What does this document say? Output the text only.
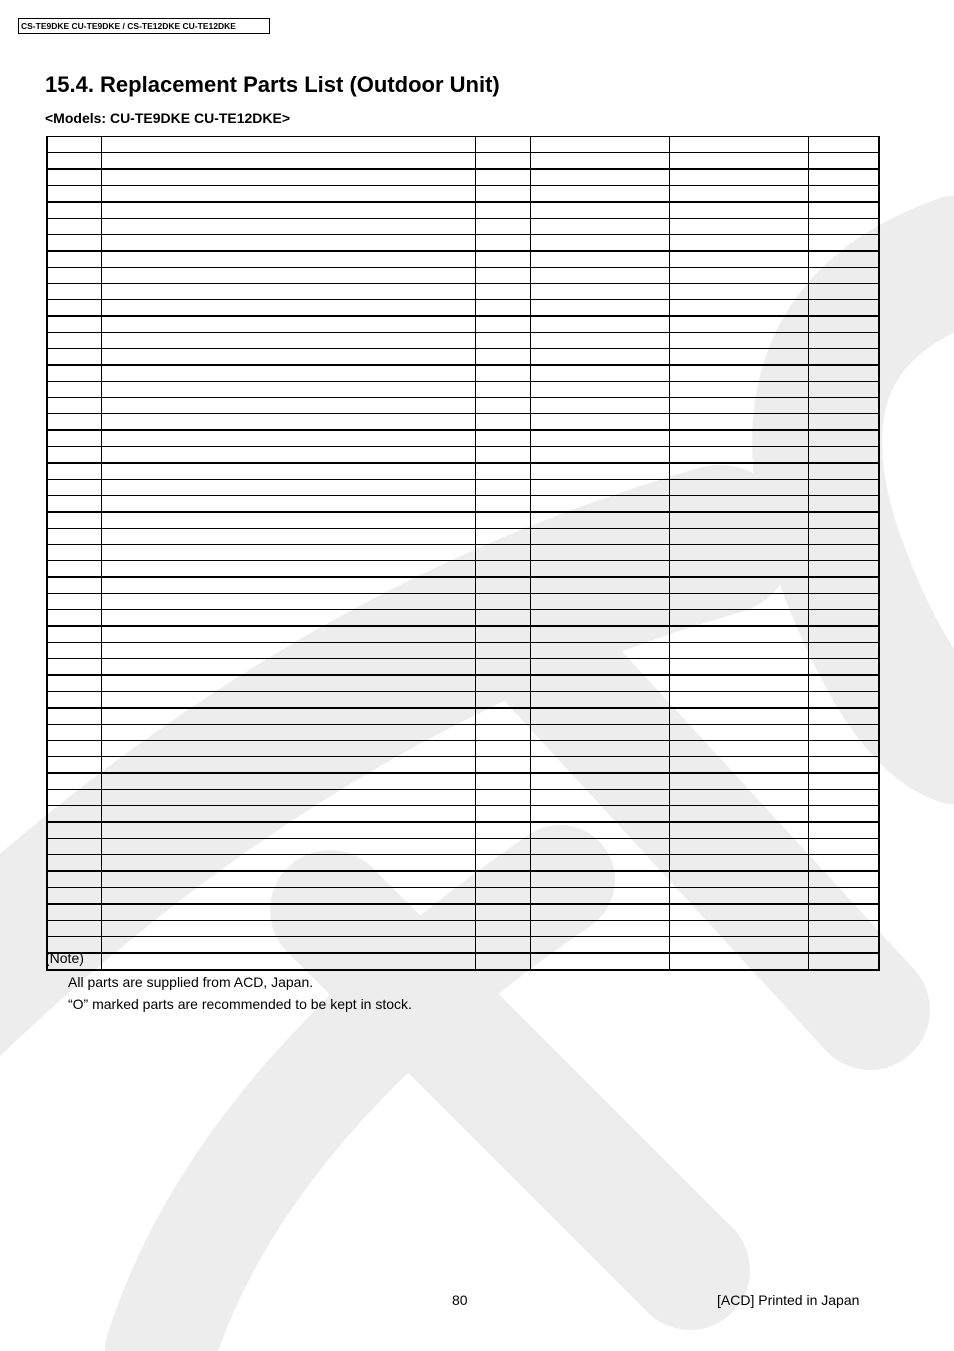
CS-TE9DKE CU-TE9DKE / CS-TE12DKE CU-TE12DKE
15.4. Replacement Parts List (Outdoor Unit)
<Models: CU-TE9DKE CU-TE12DKE>

(Note)
All parts are supplied from ACD, Japan.
“O” marked parts are recommended to be kept in stock.
80	[ACD] Printed in Japan
